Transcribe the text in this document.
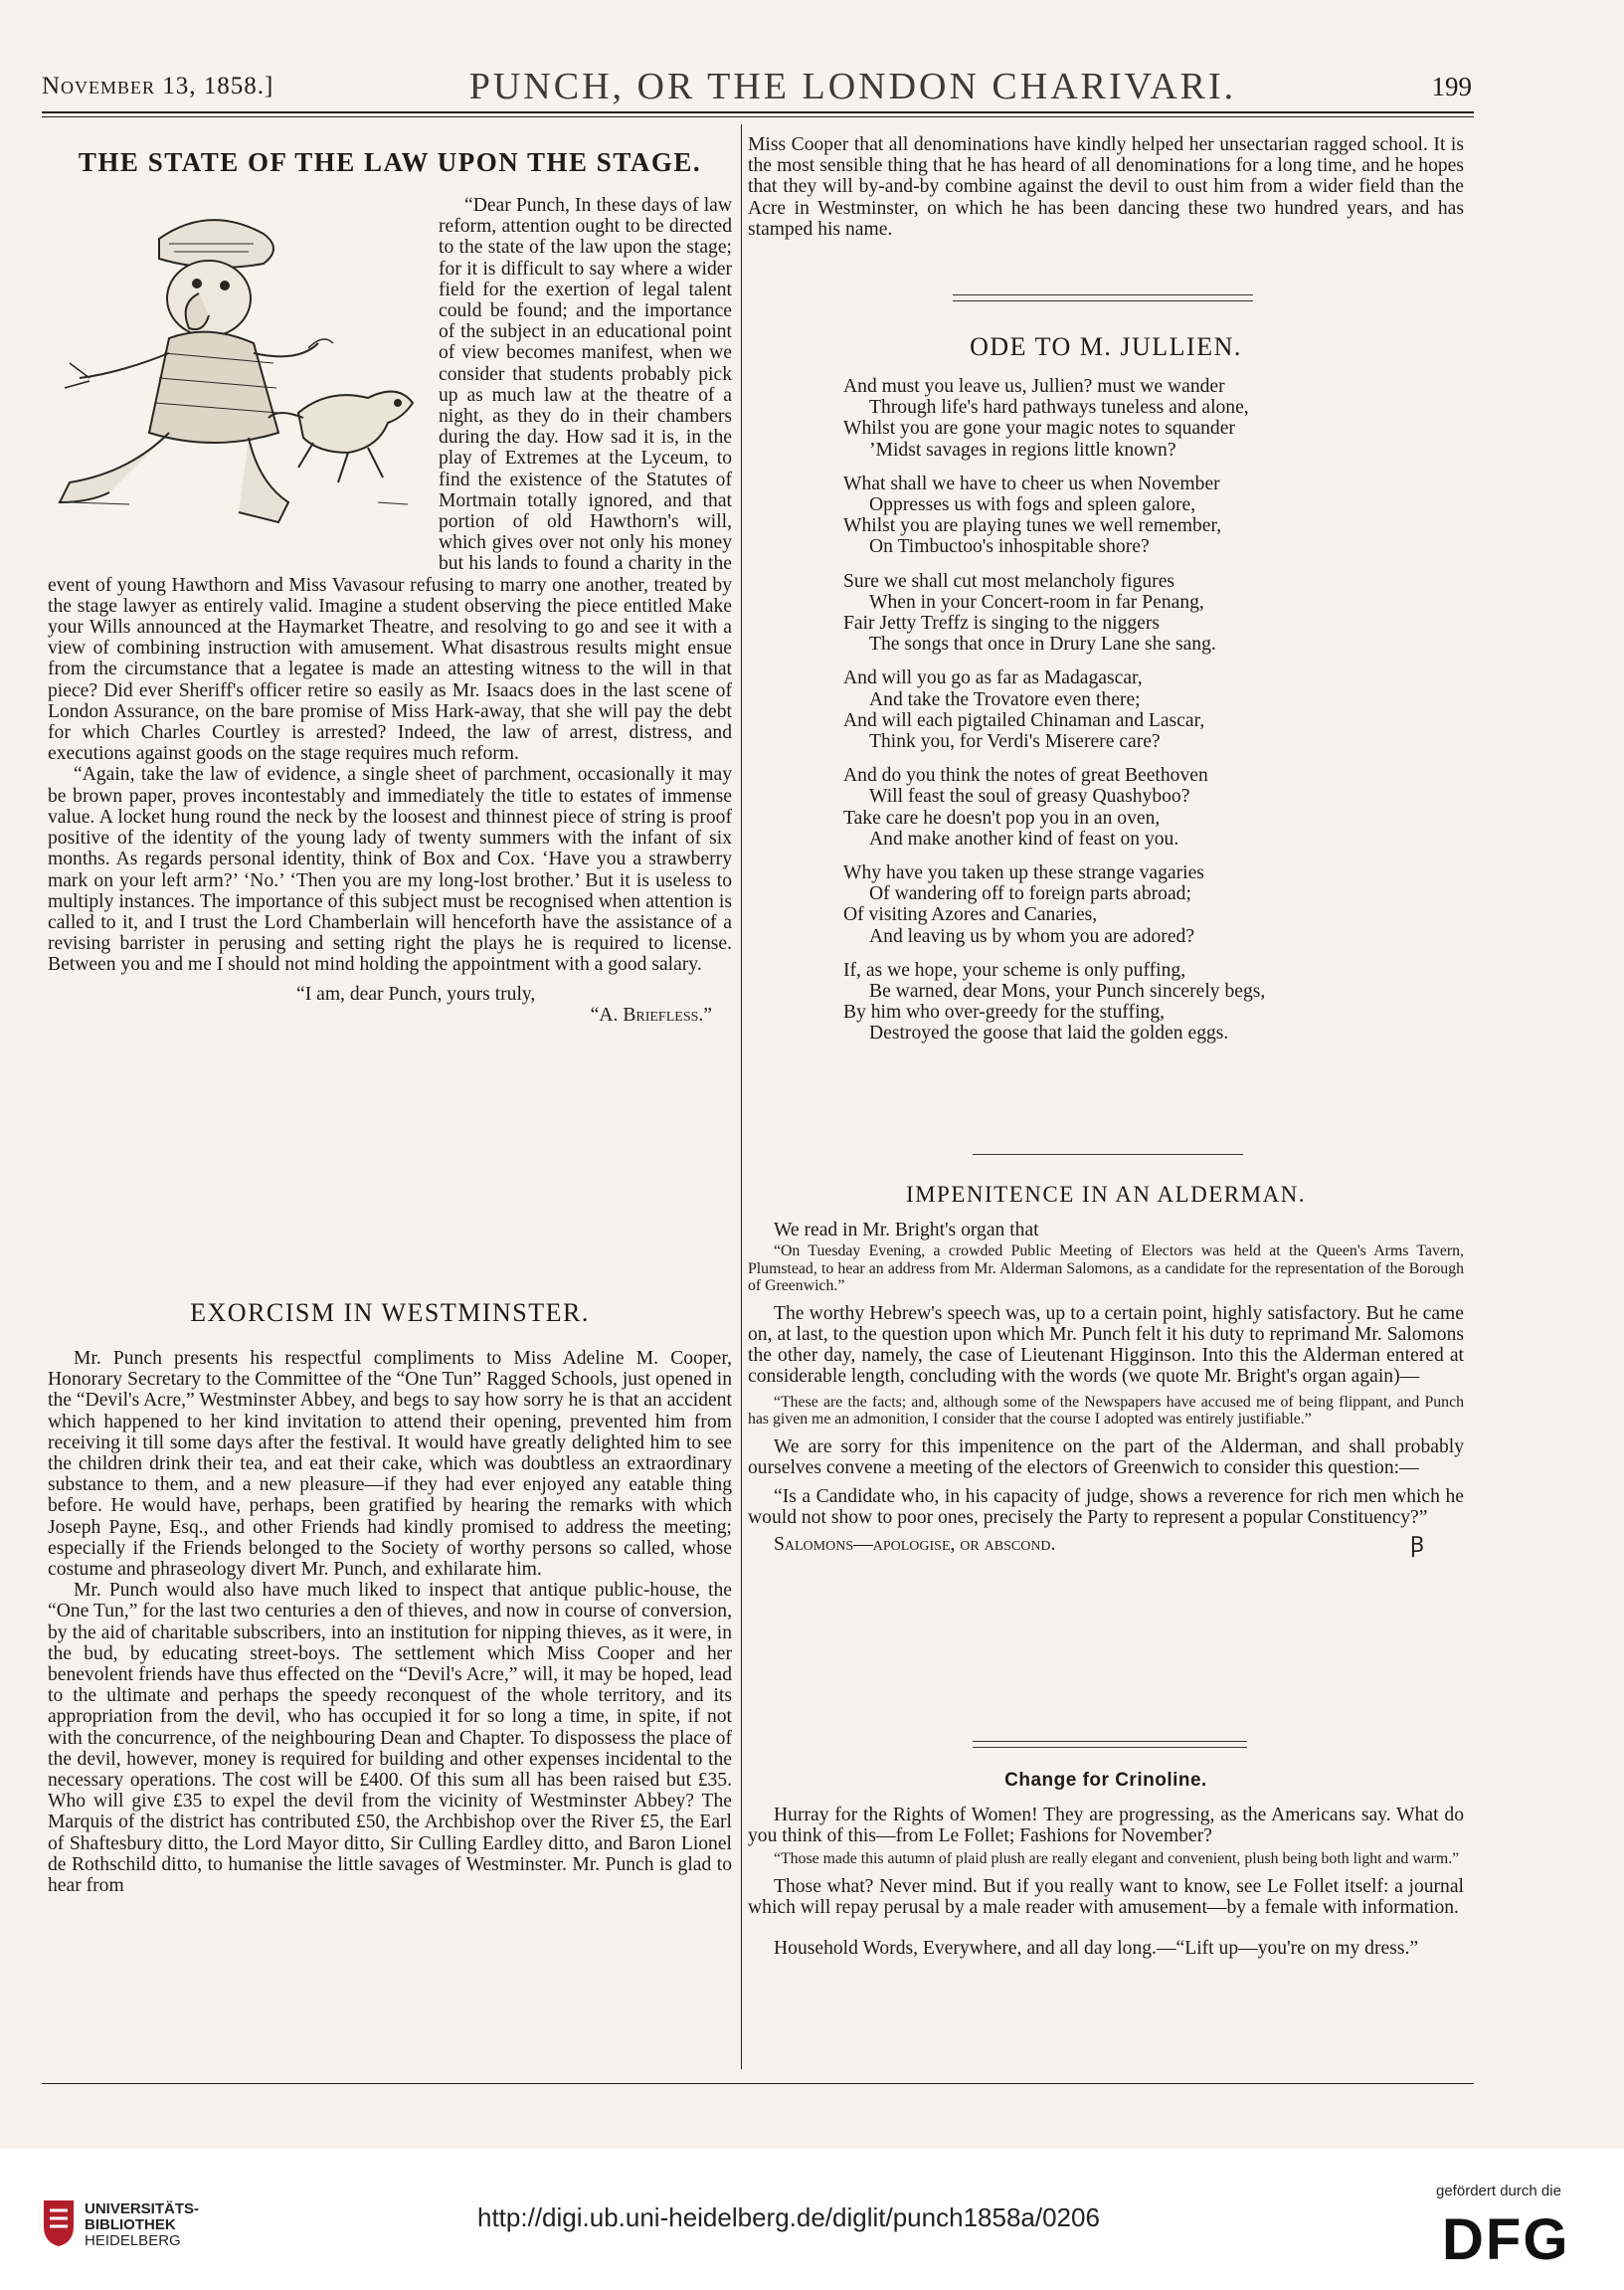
November 13, 1858.]	PUNCH, OR THE LONDON CHARIVARI.	199
THE STATE OF THE LAW UPON THE STAGE.

“Dear Punch, In these days of law reform, attention ought to be directed to the state of the law upon the stage; for it is difficult to say where a wider field for the exertion of legal talent could be found; and the importance of the subject in an educational point of view becomes manifest, when we consider that students probably pick up as much law at the theatre of a night, as they do in their chambers during the day. How sad it is, in the play of Extremes at the Lyceum, to find the existence of the Statutes of Mortmain totally ignored, and that portion of old Hawthorn's will, which gives over not only his money but his lands to found a charity in the event of young Hawthorn and Miss Vavasour refusing to marry one another, treated by the stage lawyer as entirely valid. Imagine a student observing the piece entitled Make your Wills announced at the Haymarket Theatre, and resolving to go and see it with a view of combining instruction with amusement. What disastrous results might ensue from the circumstance that a legatee is made an attesting witness to the will in that piece? Did ever Sheriff's officer retire so easily as Mr. Isaacs does in the last scene of London Assurance, on the bare promise of Miss Hark-away, that she will pay the debt for which Charles Courtley is arrested? Indeed, the law of arrest, distress, and executions against goods on the stage requires much reform.

“Again, take the law of evidence, a single sheet of parchment, occasionally it may be brown paper, proves incontestably and immediately the title to estates of immense value. A locket hung round the neck by the loosest and thinnest piece of string is proof positive of the identity of the young lady of twenty summers with the infant of six months. As regards personal identity, think of Box and Cox. ‘Have you a strawberry mark on your left arm?’ ‘No.’ ‘Then you are my long-lost brother.’ But it is useless to multiply instances. The importance of this subject must be recognised when attention is called to it, and I trust the Lord Chamberlain will henceforth have the assistance of a revising barrister in perusing and setting right the plays he is required to license. Between you and me I should not mind holding the appointment with a good salary.

“I am, dear Punch, yours truly,

“A. Briefless.”

EXORCISM IN WESTMINSTER.

Mr. Punch presents his respectful compliments to Miss Adeline M. Cooper, Honorary Secretary to the Committee of the “One Tun” Ragged Schools, just opened in the “Devil's Acre,” Westminster Abbey, and begs to say how sorry he is that an accident which happened to her kind invitation to attend their opening, prevented him from receiving it till some days after the festival. It would have greatly delighted him to see the children drink their tea, and eat their cake, which was doubtless an extraordinary substance to them, and a new pleasure—if they had ever enjoyed any eatable thing before. He would have, perhaps, been gratified by hearing the remarks with which Joseph Payne, Esq., and other Friends had kindly promised to address the meeting; especially if the Friends belonged to the Society of worthy persons so called, whose costume and phraseology divert Mr. Punch, and exhilarate him.

Mr. Punch would also have much liked to inspect that antique public-house, the “One Tun,” for the last two centuries a den of thieves, and now in course of conversion, by the aid of charitable subscribers, into an institution for nipping thieves, as it were, in the bud, by educating street-boys. The settlement which Miss Cooper and her benevolent friends have thus effected on the “Devil's Acre,” will, it may be hoped, lead to the ultimate and perhaps the speedy reconquest of the whole territory, and its appropriation from the devil, who has occupied it for so long a time, in spite, if not with the concurrence, of the neighbouring Dean and Chapter. To dispossess the place of the devil, however, money is required for building and other expenses incidental to the necessary operations. The cost will be £400. Of this sum all has been raised but £35. Who will give £35 to expel the devil from the vicinity of Westminster Abbey? The Marquis of the district has contributed £50, the Archbishop over the River £5, the Earl of Shaftesbury ditto, the Lord Mayor ditto, Sir Culling Eardley ditto, and Baron Lionel de Rothschild ditto, to humanise the little savages of Westminster. Mr. Punch is glad to hear from

Miss Cooper that all denominations have kindly helped her unsectarian ragged school. It is the most sensible thing that he has heard of all denominations for a long time, and he hopes that they will by-and-by combine against the devil to oust him from a wider field than the Acre in Westminster, on which he has been dancing these two hundred years, and has stamped his name.

ODE TO M. JULLIEN.

And must you leave us, Jullien? must we wander

Through life's hard pathways tuneless and alone,

Whilst you are gone your magic notes to squander

’Midst savages in regions little known?

What shall we have to cheer us when November

Oppresses us with fogs and spleen galore,

Whilst you are playing tunes we well remember,

On Timbuctoo's inhospitable shore?

Sure we shall cut most melancholy figures

When in your Concert-room in far Penang,

Fair Jetty Treffz is singing to the niggers

The songs that once in Drury Lane she sang.

And will you go as far as Madagascar,

And take the Trovatore even there;

And will each pigtailed Chinaman and Lascar,

Think you, for Verdi's Miserere care?

And do you think the notes of great Beethoven

Will feast the soul of greasy Quashyboo?

Take care he doesn't pop you in an oven,

And make another kind of feast on you.

Why have you taken up these strange vagaries

Of wandering off to foreign parts abroad;

Of visiting Azores and Canaries,

And leaving us by whom you are adored?

If, as we hope, your scheme is only puffing,

Be warned, dear Mons, your Punch sincerely begs,

By him who over-greedy for the stuffing,

Destroyed the goose that laid the golden eggs.

IMPENITENCE IN AN ALDERMAN.

We read in Mr. Bright's organ that

“On Tuesday Evening, a crowded Public Meeting of Electors was held at the Queen's Arms Tavern, Plumstead, to hear an address from Mr. Alderman Salomons, as a candidate for the representation of the Borough of Greenwich.”

The worthy Hebrew's speech was, up to a certain point, highly satisfactory. But he came on, at last, to the question upon which Mr. Punch felt it his duty to reprimand Mr. Salomons the other day, namely, the case of Lieutenant Higginson. Into this the Alderman entered at considerable length, concluding with the words (we quote Mr. Bright's organ again)—

“These are the facts; and, although some of the Newspapers have accused me of being flippant, and Punch has given me an admonition, I consider that the course I adopted was entirely justifiable.”

We are sorry for this impenitence on the part of the Alderman, and shall probably ourselves convene a meeting of the electors of Greenwich to consider this question:—

“Is a Candidate who, in his capacity of judge, shows a reverence for rich men which he would not show to poor ones, precisely the Party to represent a popular Constituency?”

Salomons—apologise, or abscond.	Ꞵ

Change for Crinoline.

Hurray for the Rights of Women! They are progressing, as the Americans say. What do you think of this—from Le Follet; Fashions for November?

“Those made this autumn of plaid plush are really elegant and convenient, plush being both light and warm.”

Those what? Never mind. But if you really want to know, see Le Follet itself: a journal which will repay perusal by a male reader with amusement—by a female with information.

Household Words, Everywhere, and all day long.—“Lift up—you're on my dress.”

UNIVERSITÄTS-
BIBLIOTHEK
HEIDELBERG
http://digi.ub.uni-heidelberg.de/diglit/punch1858a/0206
gefördert durch die
DFG
